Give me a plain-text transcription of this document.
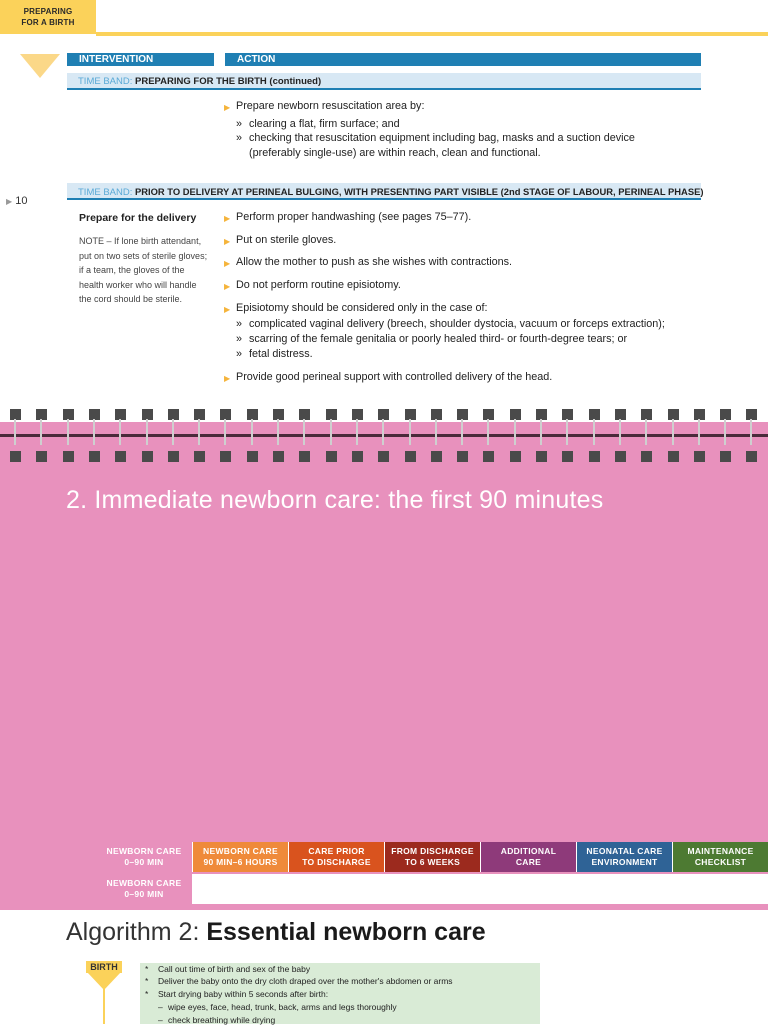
PREPARING
FOR A BIRTH
INTERVENTION	ACTION
TIME BAND: PREPARING FOR THE BIRTH (continued)
▶ Prepare newborn resuscitation area by:
» clearing a flat, firm surface; and
» checking that resuscitation equipment including bag, masks and a suction device
(preferably single-use) are within reach, clean and functional.
▶ 10
TIME BAND: PRIOR TO DELIVERY AT PERINEAL BULGING, WITH PRESENTING PART VISIBLE (2nd STAGE OF LABOUR, PERINEAL PHASE)
Prepare for the delivery
NOTE – If lone birth attendant,
put on two sets of sterile gloves;
if a team, the gloves of the
health worker who will handle
the cord should be sterile.
▶ Perform proper handwashing (see pages 75–77).
▶ Put on sterile gloves.
▶ Allow the mother to push as she wishes with contractions.
▶ Do not perform routine episiotomy.
▶ Episiotomy should be considered only in the case of:
» complicated vaginal delivery (breech, shoulder dystocia, vacuum or forceps extraction);
» scarring of the female genitalia or poorly healed third- or fourth-degree tears; or
» fetal distress.
▶ Provide good perineal support with controlled delivery of the head.
2. Immediate newborn care: the first 90 minutes
NEWBORN CARE
0–90 MIN
NEWBORN CARE
90 MIN–6 HOURS
CARE PRIOR
TO DISCHARGE
FROM DISCHARGE
TO 6 WEEKS
ADDITIONAL
CARE
NEONATAL CARE
ENVIRONMENT
MAINTENANCE
CHECKLIST
NEWBORN CARE
0–90 MIN
Algorithm 2: Essential newborn care
BIRTH	* Call out time of birth and sex of the baby
* Deliver the baby onto the dry cloth draped over the mother's abdomen or arms
* Start drying baby within 5 seconds after birth:
– wipe eyes, face, head, trunk, back, arms and legs thoroughly
– check breathing while drying
